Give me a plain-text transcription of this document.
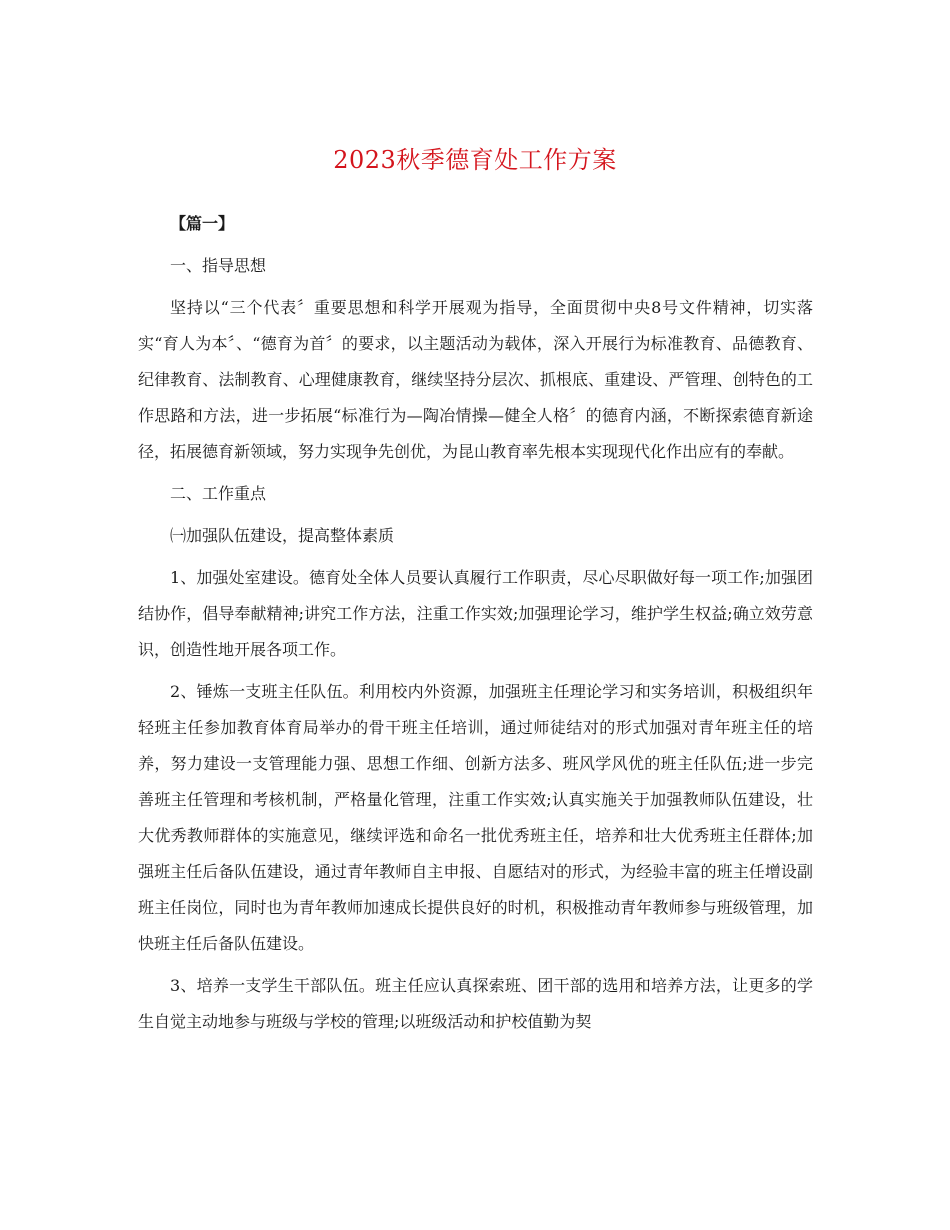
2023秋季德育处工作方案

【篇一】

一、指导思想

坚持以“三个代表〞重要思想和科学开展观为指导，全面贯彻中央8号文件精神，切实落实“育人为本〞、“德育为首〞的要求，以主题活动为载体，深入开展行为标准教育、品德教育、纪律教育、法制教育、心理健康教育，继续坚持分层次、抓根底、重建设、严管理、创特色的工作思路和方法，进一步拓展“标准行为—陶冶情操—健全人格〞的德育内涵，不断探索德育新途径，拓展德育新领域，努力实现争先创优，为昆山教育率先根本实现现代化作出应有的奉献。

二、工作重点

㈠加强队伍建设，提高整体素质

1、加强处室建设。德育处全体人员要认真履行工作职责，尽心尽职做好每一项工作;加强团结协作，倡导奉献精神;讲究工作方法，注重工作实效;加强理论学习，维护学生权益;确立效劳意识，创造性地开展各项工作。

2、锤炼一支班主任队伍。利用校内外资源，加强班主任理论学习和实务培训，积极组织年轻班主任参加教育体育局举办的骨干班主任培训，通过师徒结对的形式加强对青年班主任的培养，努力建设一支管理能力强、思想工作细、创新方法多、班风学风优的班主任队伍;进一步完善班主任管理和考核机制，严格量化管理，注重工作实效;认真实施关于加强教师队伍建设，壮大优秀教师群体的实施意见，继续评选和命名一批优秀班主任，培养和壮大优秀班主任群体;加强班主任后备队伍建设，通过青年教师自主申报、自愿结对的形式，为经验丰富的班主任增设副班主任岗位，同时也为青年教师加速成长提供良好的时机，积极推动青年教师参与班级管理，加快班主任后备队伍建设。

3、培养一支学生干部队伍。班主任应认真探索班、团干部的选用和培养方法，让更多的学生自觉主动地参与班级与学校的管理;以班级活动和护校值勤为契
